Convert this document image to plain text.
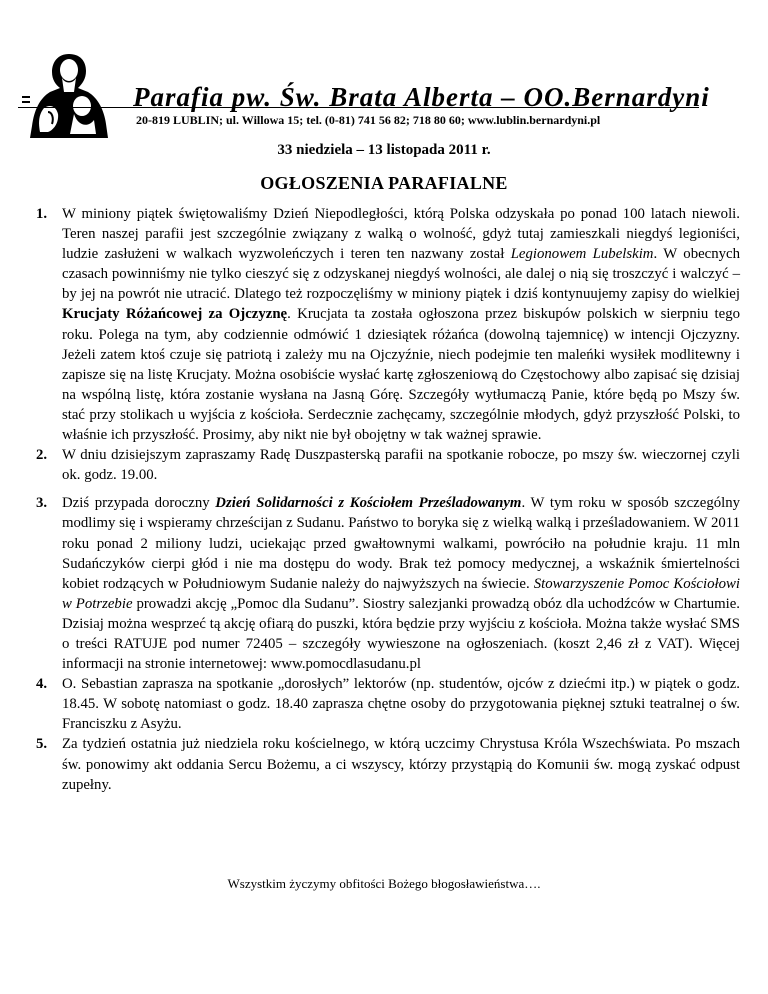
Parafia pw. Św. Brata Alberta – OO.Bernardyni
20-819 LUBLIN; ul. Willowa 15; tel. (0-81) 741 56 82; 718 80 60; www.lublin.bernardyni.pl
33 niedziela – 13 listopada 2011 r.
OGŁOSZENIA PARAFIALNE
1. W miniony piątek świętowaliśmy Dzień Niepodległości, którą Polska odzyskała po ponad 100 latach niewoli. Teren naszej parafii jest szczególnie związany z walką o wolność, gdyż tutaj zamieszkali niegdyś legioniści, ludzie zasłużeni w walkach wyzwoleńczych i teren ten nazwany został Legionowem Lubelskim. W obecnych czasach powinniśmy nie tylko cieszyć się z odzyskanej niegdyś wolności, ale dalej o nią się troszczyć i walczyć – by jej na powrót nie utracić. Dlatego też rozpoczęliśmy w miniony piątek i dziś kontynuujemy zapisy do wielkiej Krucjaty Różańcowej za Ojczyznę. Krucjata ta została ogłoszona przez biskupów polskich w sierpniu tego roku. Polega na tym, aby codziennie odmówić 1 dziesiątek różańca (dowolną tajemnicę) w intencji Ojczyzny. Jeżeli zatem ktoś czuje się patriotą i zależy mu na Ojczyźnie, niech podejmie ten maleńki wysiłek modlitewny i zapisze się na listę Krucjaty. Można osobiście wysłać kartę zgłoszeniową do Częstochowy albo zapisać się dzisiaj na wspólną listę, która zostanie wysłana na Jasną Górę. Szczegóły wytłumaczą Panie, które będą po Mszy św. stać przy stolikach u wyjścia z kościoła. Serdecznie zachęcamy, szczególnie młodych, gdyż przyszłość Polski, to właśnie ich przyszłość. Prosimy, aby nikt nie był obojętny w tak ważnej sprawie.
2. W dniu dzisiejszym zapraszamy Radę Duszpasterską parafii na spotkanie robocze, po mszy św. wieczornej czyli ok. godz. 19.00.
3. Dziś przypada doroczny Dzień Solidarności z Kościołem Prześladowanym. W tym roku w sposób szczególny modlimy się i wspieramy chrześcijan z Sudanu. Państwo to boryka się z wielką walką i prześladowaniem. W 2011 roku ponad 2 miliony ludzi, uciekając przed gwałtownymi walkami, powróciło na południe kraju. 11 mln Sudańczyków cierpi głód i nie ma dostępu do wody. Brak też pomocy medycznej, a wskaźnik śmiertelności kobiet rodzących w Południowym Sudanie należy do najwyższych na świecie. Stowarzyszenie Pomoc Kościołowi w Potrzebie prowadzi akcję „Pomoc dla Sudanu”. Siostry salezjanki prowadzą obóz dla uchodźców w Chartumie. Dzisiaj można wesprzeć tą akcję ofiarą do puszki, która będzie przy wyjściu z kościoła. Można także wysłać SMS o treści RATUJE pod numer 72405 – szczegóły wywieszone na ogłoszeniach. (koszt 2,46 zł z VAT). Więcej informacji na stronie internetowej: www.pomocdlasudanu.pl
4. O. Sebastian zaprasza na spotkanie „dorosłych” lektorów (np. studentów, ojców z dziećmi itp.) w piątek o godz. 18.45. W sobotę natomiast o godz. 18.40 zaprasza chętne osoby do przygotowania pięknej sztuki teatralnej o św. Franciszku z Asyżu.
5. Za tydzień ostatnia już niedziela roku kościelnego, w którą uczcimy Chrystusa Króla Wszechświata. Po mszach św. ponowimy akt oddania Sercu Bożemu, a ci wszyscy, którzy przystąpią do Komunii św. mogą zyskać odpust zupełny.
Wszystkim życzymy obfitości Bożego błogosławieństwa….
